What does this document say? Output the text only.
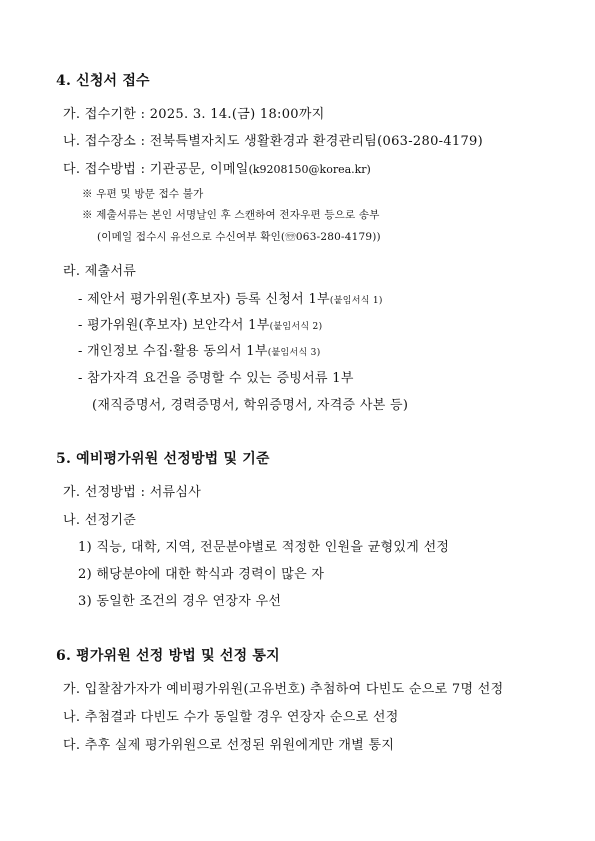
4. 신청서 접수
가. 접수기한 : 2025. 3. 14.(금) 18:00까지
나. 접수장소 : 전북특별자치도 생활환경과 환경관리팀(063-280-4179)
다. 접수방법 : 기관공문, 이메일(k9208150@korea.kr)
※ 우편 및 방문 접수 불가
※ 제출서류는 본인 서명날인 후 스캔하여 전자우편 등으로 송부
(이메일 접수시 유선으로 수신여부 확인(☏063-280-4179))
라. 제출서류
- 제안서 평가위원(후보자) 등록 신청서 1부(붙임서식 1)
- 평가위원(후보자) 보안각서 1부(붙임서식 2)
- 개인정보 수집·활용 동의서 1부(붙임서식 3)
- 참가자격 요건을 증명할 수 있는 증빙서류 1부
(재직증명서, 경력증명서, 학위증명서, 자격증 사본 등)
5. 예비평가위원 선정방법 및 기준
가. 선정방법 : 서류심사
나. 선정기준
1) 직능, 대학, 지역, 전문분야별로 적정한 인원을 균형있게 선정
2) 해당분야에 대한 학식과 경력이 많은 자
3) 동일한 조건의 경우 연장자 우선
6. 평가위원 선정 방법 및 선정 통지
가. 입찰참가자가 예비평가위원(고유번호) 추첨하여 다빈도 순으로 7명 선정
나. 추첨결과 다빈도 수가 동일할 경우 연장자 순으로 선정
다. 추후 실제 평가위원으로 선정된 위원에게만 개별 통지
